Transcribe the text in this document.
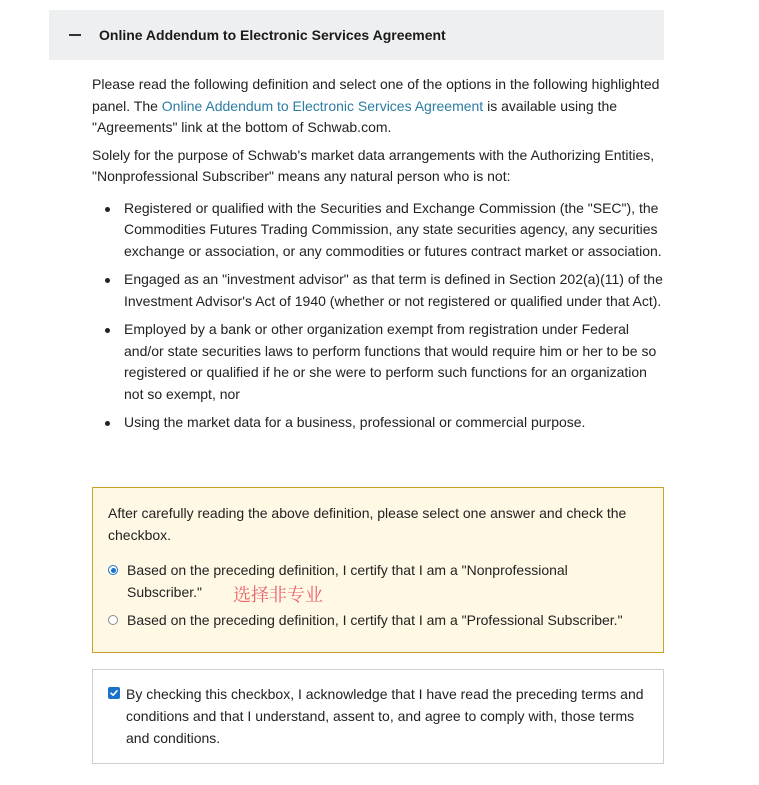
Online Addendum to Electronic Services Agreement

Please read the following definition and select one of the options in the following highlighted panel. The Online Addendum to Electronic Services Agreement is available using the "Agreements" link at the bottom of Schwab.com.

Solely for the purpose of Schwab's market data arrangements with the Authorizing Entities, "Nonprofessional Subscriber" means any natural person who is not:

Registered or qualified with the Securities and Exchange Commission (the "SEC"), the Commodities Futures Trading Commission, any state securities agency, any securities exchange or association, or any commodities or futures contract market or association.
Engaged as an "investment advisor" as that term is defined in Section 202(a)(11) of the Investment Advisor's Act of 1940 (whether or not registered or qualified under that Act).
Employed by a bank or other organization exempt from registration under Federal and/or state securities laws to perform functions that would require him or her to be so registered or qualified if he or she were to perform such functions for an organization not so exempt, nor
Using the market data for a business, professional or commercial purpose.
After carefully reading the above definition, please select one answer and check the checkbox.
Based on the preceding definition, I certify that I am a "Nonprofessional Subscriber."	选择非专业
Based on the preceding definition, I certify that I am a "Professional Subscriber."
By checking this checkbox, I acknowledge that I have read the preceding terms and conditions and that I understand, assent to, and agree to comply with, those terms and conditions.
